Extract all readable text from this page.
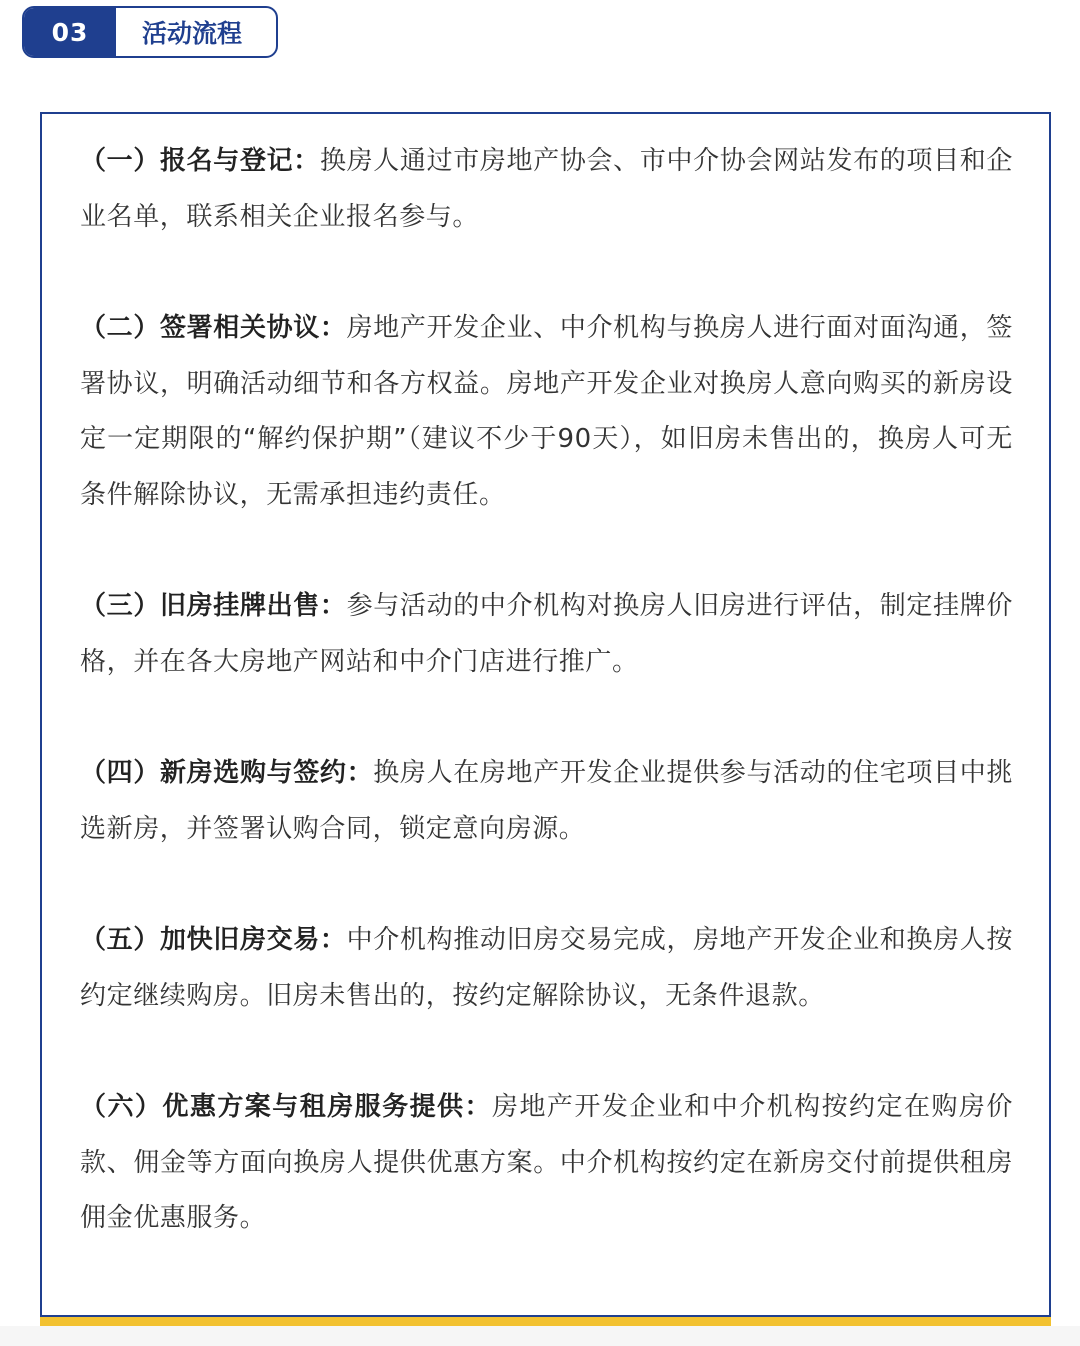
03	活动流程

（一）报名与登记：换房人通过市房地产协会、市中介协会网站发布的项目和企业名单，联系相关企业报名参与。

（二）签署相关协议：房地产开发企业、中介机构与换房人进行面对面沟通，签署协议，明确活动细节和各方权益。房地产开发企业对换房人意向购买的新房设定一定期限的“解约保护期”（建议不少于90天），如旧房未售出的，换房人可无条件解除协议，无需承担违约责任。

（三）旧房挂牌出售：参与活动的中介机构对换房人旧房进行评估，制定挂牌价格，并在各大房地产网站和中介门店进行推广。

（四）新房选购与签约：换房人在房地产开发企业提供参与活动的住宅项目中挑选新房，并签署认购合同，锁定意向房源。

（五）加快旧房交易：中介机构推动旧房交易完成，房地产开发企业和换房人按约定继续购房。旧房未售出的，按约定解除协议，无条件退款。

（六）优惠方案与租房服务提供：房地产开发企业和中介机构按约定在购房价款、佣金等方面向换房人提供优惠方案。中介机构按约定在新房交付前提供租房佣金优惠服务。
